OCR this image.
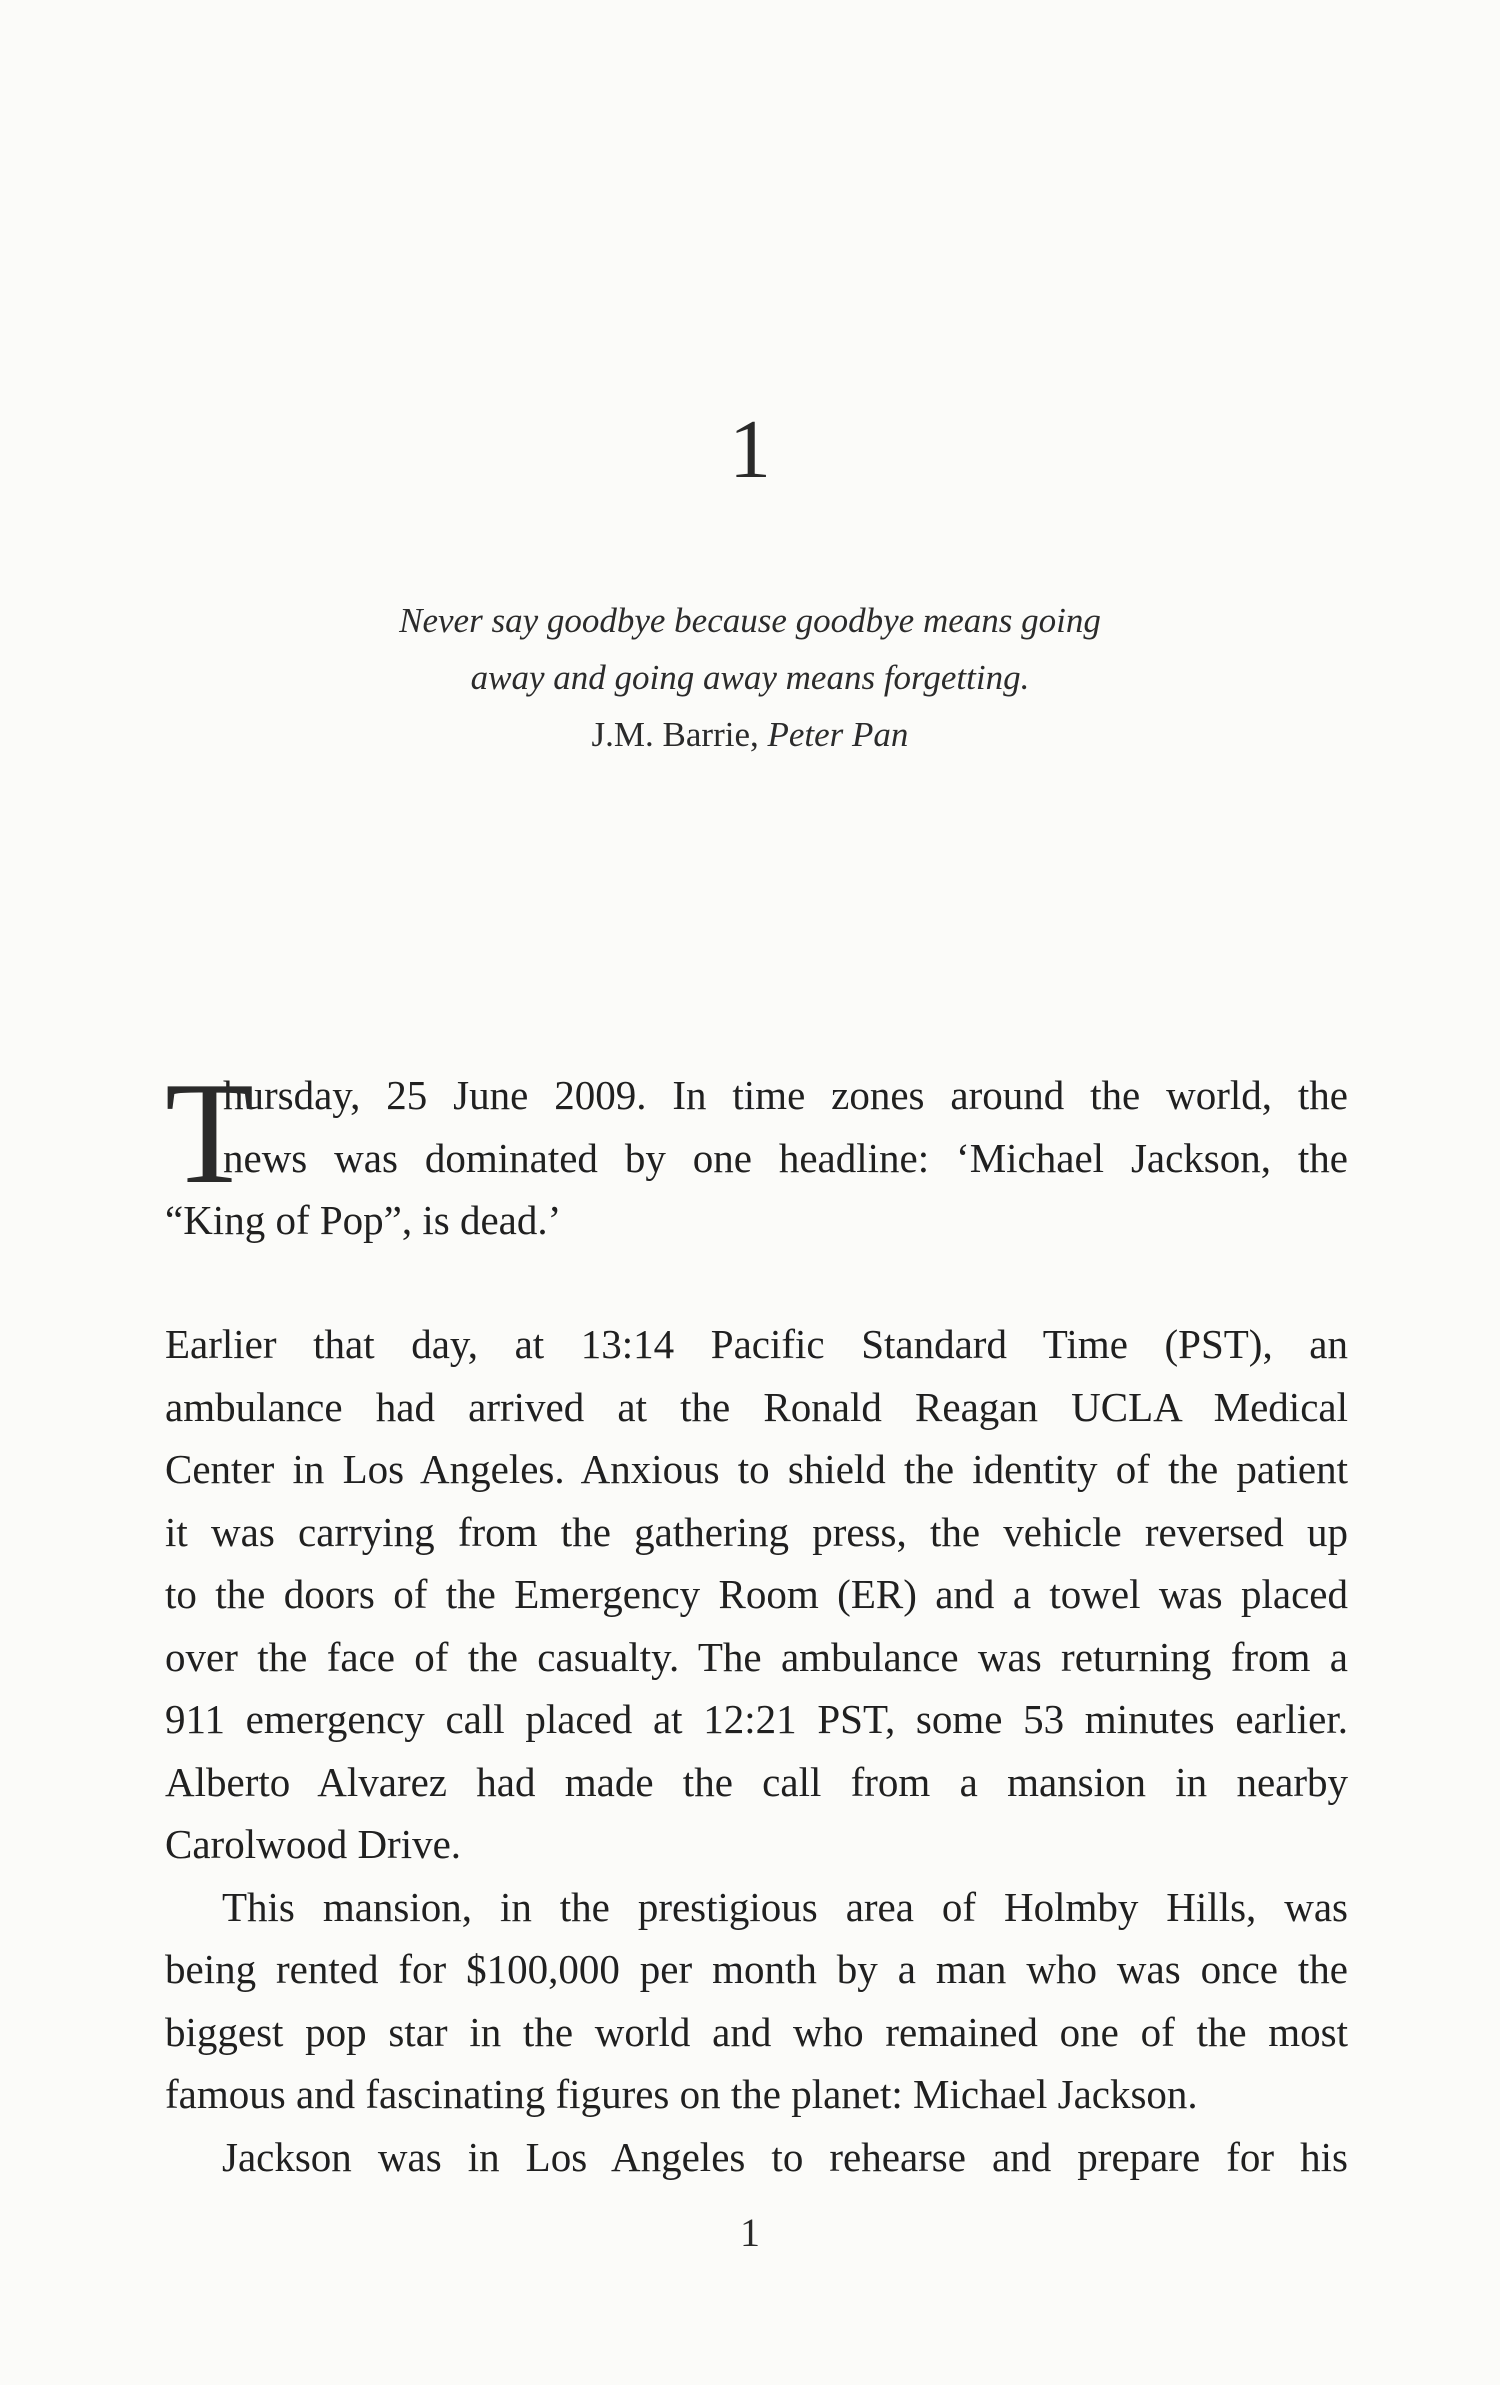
1
Never say goodbye because goodbye means going
away and going away means forgetting.
J.M. Barrie, Peter Pan
T
hursday, 25 June 2009. In time zones around the world, the
news was dominated by one headline: ‘Michael Jackson, the
“King of Pop”, is dead.’
Earlier that day, at 13:14 Pacific Standard Time (PST), an
ambulance had arrived at the Ronald Reagan UCLA Medical
Center in Los Angeles. Anxious to shield the identity of the patient
it was carrying from the gathering press, the vehicle reversed up
to the doors of the Emergency Room (ER) and a towel was placed
over the face of the casualty. The ambulance was returning from a
911 emergency call placed at 12:21 PST, some 53 minutes earlier.
Alberto Alvarez had made the call from a mansion in nearby
Carolwood Drive.
This mansion, in the prestigious area of Holmby Hills, was
being rented for $100,000 per month by a man who was once the
biggest pop star in the world and who remained one of the most
famous and fascinating figures on the planet: Michael Jackson.
Jackson was in Los Angeles to rehearse and prepare for his
1
